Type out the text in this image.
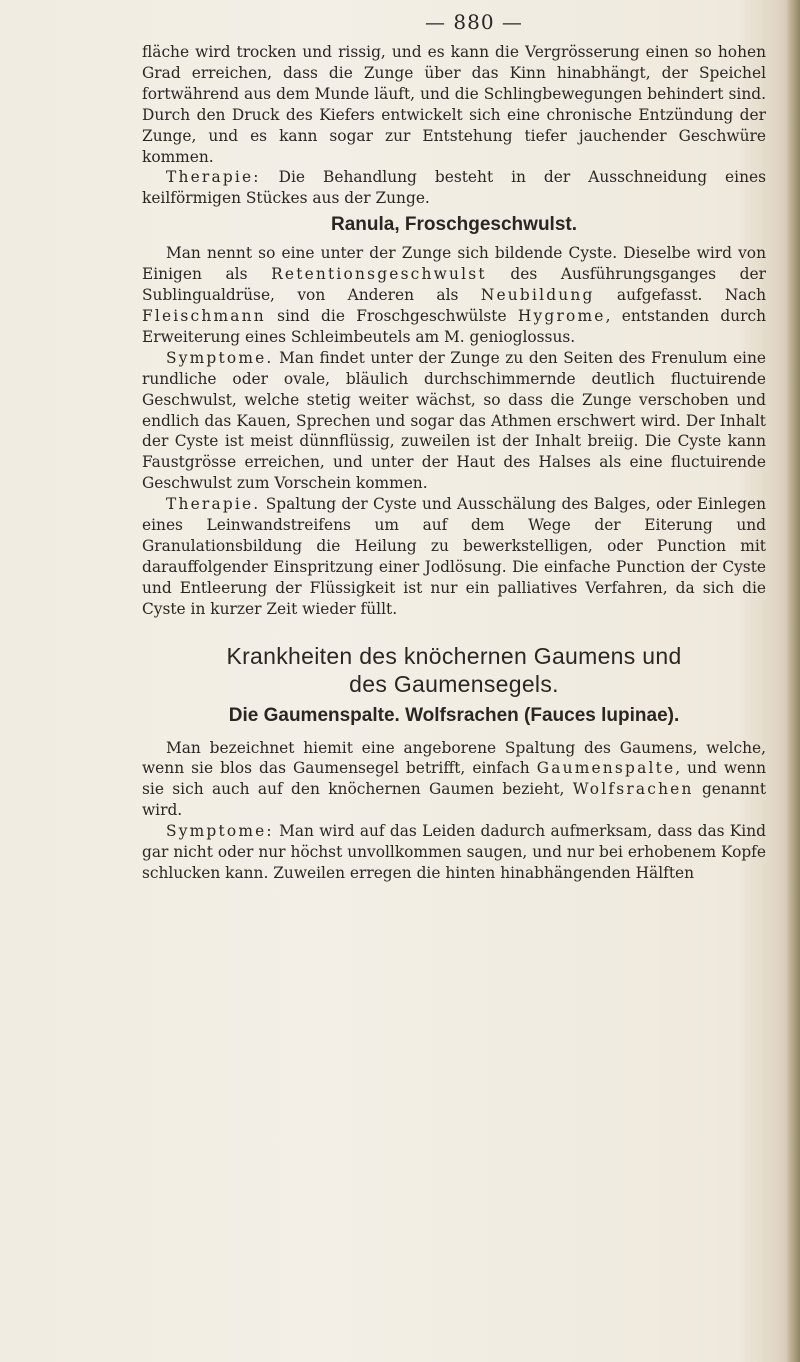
— 880 —

fläche wird trocken und rissig, und es kann die Vergrösserung einen so hohen Grad erreichen, dass die Zunge über das Kinn hinabhängt, der Speichel fortwährend aus dem Munde läuft, und die Schlingbewegungen behindert sind. Durch den Druck des Kiefers entwickelt sich eine chronische Entzündung der Zunge, und es kann sogar zur Entstehung tiefer jauchender Geschwüre kommen.

Therapie: Die Behandlung besteht in der Ausschneidung eines keilförmigen Stückes aus der Zunge.

Ranula, Froschgeschwulst.

Man nennt so eine unter der Zunge sich bildende Cyste. Dieselbe wird von Einigen als Retentionsgeschwulst des Ausführungsganges der Sublingualdrüse, von Anderen als Neubildung aufgefasst. Nach Fleischmann sind die Froschgeschwülste Hygrome, entstanden durch Erweiterung eines Schleimbeutels am M. genioglossus.

Symptome. Man findet unter der Zunge zu den Seiten des Frenulum eine rundliche oder ovale, bläulich durchschimmernde deutlich fluctuirende Geschwulst, welche stetig weiter wächst, so dass die Zunge verschoben und endlich das Kauen, Sprechen und sogar das Athmen erschwert wird. Der Inhalt der Cyste ist meist dünnflüssig, zuweilen ist der Inhalt breiig. Die Cyste kann Faustgrösse erreichen, und unter der Haut des Halses als eine fluctuirende Geschwulst zum Vorschein kommen.

Therapie. Spaltung der Cyste und Ausschälung des Balges, oder Einlegen eines Leinwandstreifens um auf dem Wege der Eiterung und Granulationsbildung die Heilung zu bewerkstelligen, oder Punction mit darauffolgender Einspritzung einer Jodlösung. Die einfache Punction der Cyste und Entleerung der Flüssigkeit ist nur ein palliatives Verfahren, da sich die Cyste in kurzer Zeit wieder füllt.

Krankheiten des knöchernen Gaumens und
des Gaumensegels.
Die Gaumenspalte. Wolfsrachen (Fauces lupinae).

Man bezeichnet hiemit eine angeborene Spaltung des Gaumens, welche, wenn sie blos das Gaumensegel betrifft, einfach Gaumenspalte, und wenn sie sich auch auf den knöchernen Gaumen bezieht, Wolfsrachen genannt wird.

Symptome: Man wird auf das Leiden dadurch aufmerksam, dass das Kind gar nicht oder nur höchst unvollkommen saugen, und nur bei erhobenem Kopfe schlucken kann. Zuweilen erregen die hinten hinabhängenden Hälften
